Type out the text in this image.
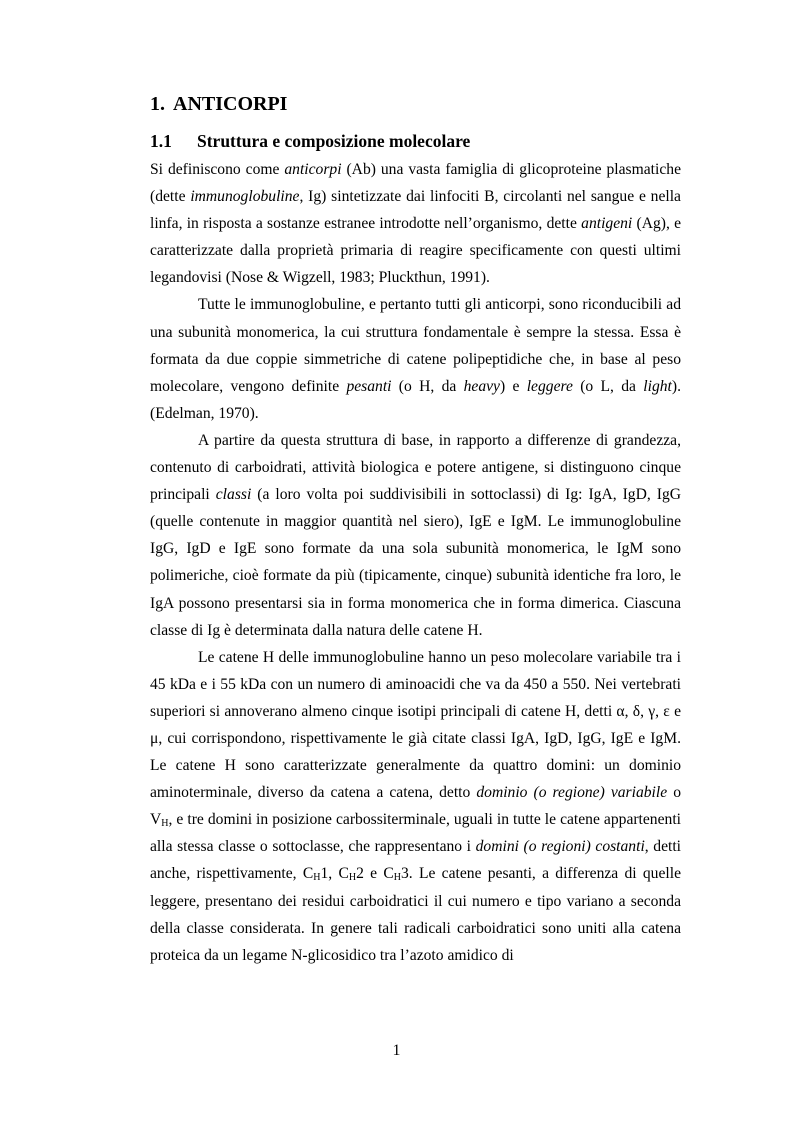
1. ANTICORPI
1.1 Struttura e composizione molecolare

Si definiscono come anticorpi (Ab) una vasta famiglia di glicoproteine plasmatiche (dette immunoglobuline, Ig) sintetizzate dai linfociti B, circolanti nel sangue e nella linfa, in risposta a sostanze estranee introdotte nell’organismo, dette antigeni (Ag), e caratterizzate dalla proprietà primaria di reagire specificamente con questi ultimi legandovisi (Nose & Wigzell, 1983; Pluckthun, 1991).

Tutte le immunoglobuline, e pertanto tutti gli anticorpi, sono riconducibili ad una subunità monomerica, la cui struttura fondamentale è sempre la stessa. Essa è formata da due coppie simmetriche di catene polipeptidiche che, in base al peso molecolare, vengono definite pesanti (o H, da heavy) e leggere (o L, da light). (Edelman, 1970).

A partire da questa struttura di base, in rapporto a differenze di grandezza, contenuto di carboidrati, attività biologica e potere antigene, si distinguono cinque principali classi (a loro volta poi suddivisibili in sottoclassi) di Ig: IgA, IgD, IgG (quelle contenute in maggior quantità nel siero), IgE e IgM. Le immunoglobuline IgG, IgD e IgE sono formate da una sola subunità monomerica, le IgM sono polimeriche, cioè formate da più (tipicamente, cinque) subunità identiche fra loro, le IgA possono presentarsi sia in forma monomerica che in forma dimerica. Ciascuna classe di Ig è determinata dalla natura delle catene H.

Le catene H delle immunoglobuline hanno un peso molecolare variabile tra i 45 kDa e i 55 kDa con un numero di aminoacidi che va da 450 a 550. Nei vertebrati superiori si annoverano almeno cinque isotipi principali di catene H, detti α, δ, γ, ε e μ, cui corrispondono, rispettivamente le già citate classi IgA, IgD, IgG, IgE e IgM. Le catene H sono caratterizzate generalmente da quattro domini: un dominio aminoterminale, diverso da catena a catena, detto dominio (o regione) variabile o $V_H$, e tre domini in posizione carbossiterminale, uguali in tutte le catene appartenenti alla stessa classe o sottoclasse, che rappresentano i domini (o regioni) costanti, detti anche, rispettivamente, $C_H1$, $C_H2$ e $C_H3$. Le catene pesanti, a differenza di quelle leggere, presentano dei residui carboidratici il cui numero e tipo variano a seconda della classe considerata. In genere tali radicali carboidratici sono uniti alla catena proteica da un legame N-glicosidico tra l’azoto amidico di

1
